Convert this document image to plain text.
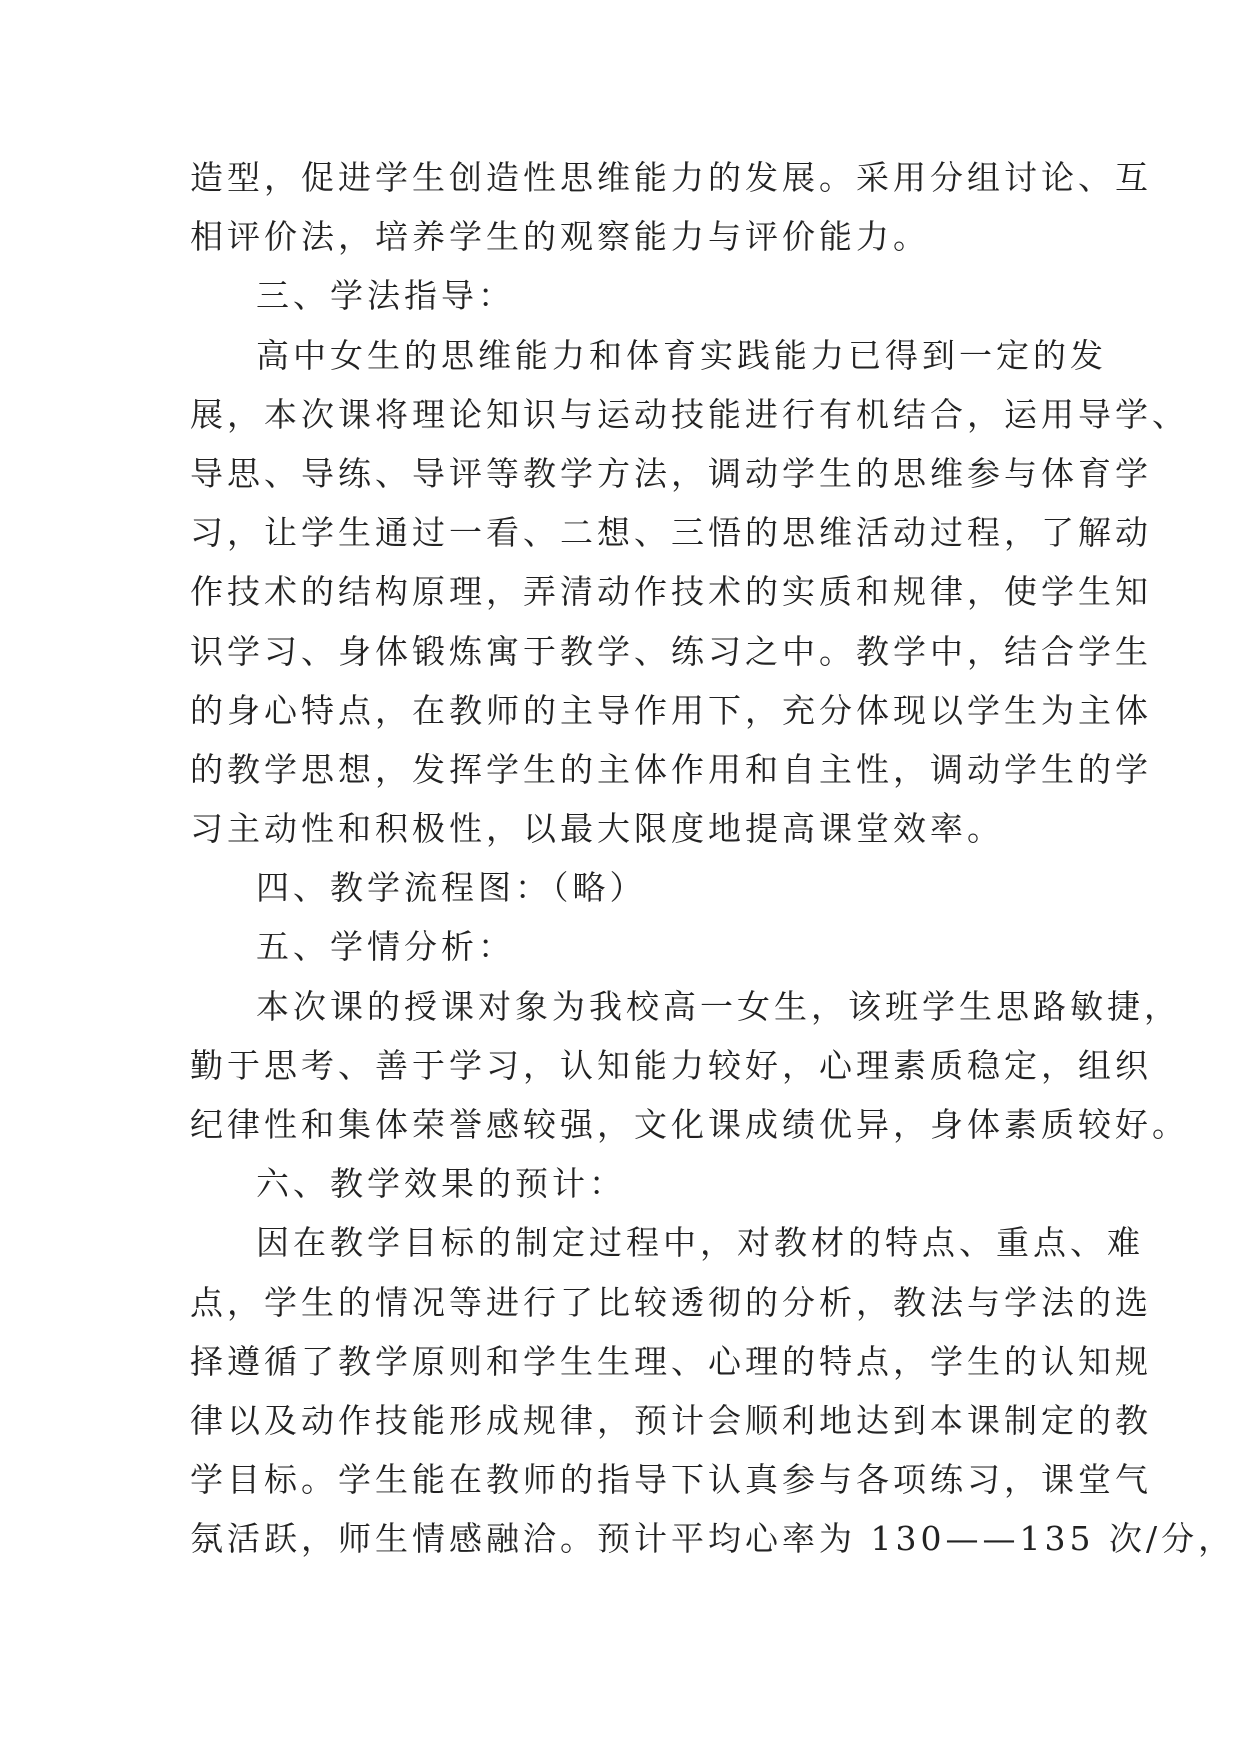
造型，促进学生创造性思维能力的发展。采用分组讨论、互
相评价法，培养学生的观察能力与评价能力。
三、学法指导：
高中女生的思维能力和体育实践能力已得到一定的发
展，本次课将理论知识与运动技能进行有机结合，运用导学、
导思、导练、导评等教学方法，调动学生的思维参与体育学
习，让学生通过一看、二想、三悟的思维活动过程，了解动
作技术的结构原理，弄清动作技术的实质和规律，使学生知
识学习、身体锻炼寓于教学、练习之中。教学中，结合学生
的身心特点，在教师的主导作用下，充分体现以学生为主体
的教学思想，发挥学生的主体作用和自主性，调动学生的学
习主动性和积极性，以最大限度地提高课堂效率。
四、教学流程图：（略）
五、学情分析：
本次课的授课对象为我校高一女生，该班学生思路敏捷，
勤于思考、善于学习，认知能力较好，心理素质稳定，组织
纪律性和集体荣誉感较强，文化课成绩优异，身体素质较好。
六、教学效果的预计：
因在教学目标的制定过程中，对教材的特点、重点、难
点，学生的情况等进行了比较透彻的分析，教法与学法的选
择遵循了教学原则和学生生理、心理的特点，学生的认知规
律以及动作技能形成规律，预计会顺利地达到本课制定的教
学目标。学生能在教师的指导下认真参与各项练习，课堂气
氛活跃，师生情感融洽。预计平均心率为 130——135 次/分，
